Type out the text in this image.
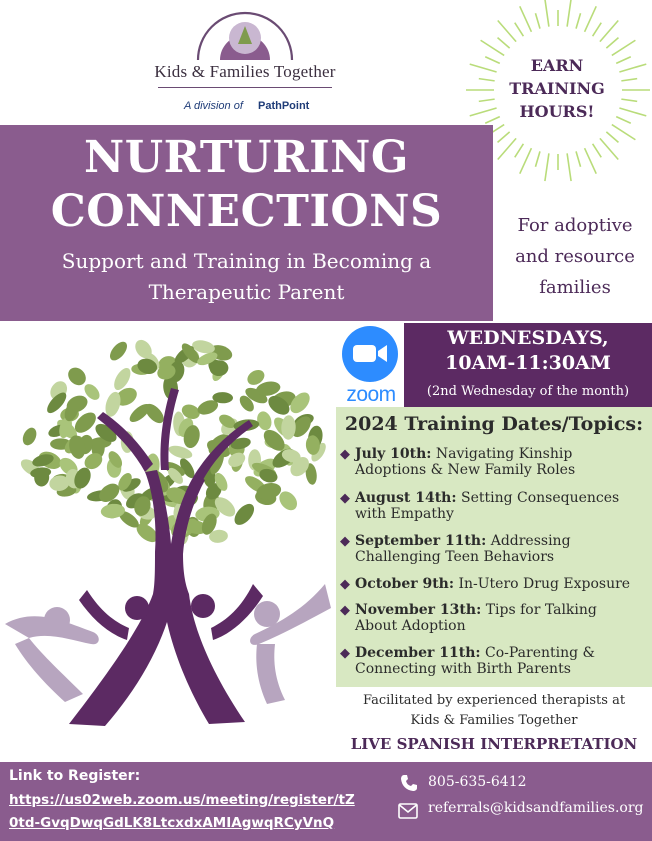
ADOPTION
Kids & Families Together
A division of PathPoint
EARN TRAINING HOURS!
NURTURING
CONNECTIONS
Support and Training in Becoming a
Therapeutic Parent
For adoptive and resource families
zoom
WEDNESDAYS,
10AM-11:30AM
(2nd Wednesday of the month)
2024 Training Dates/Topics:
◆ July 10th: Navigating Kinship
Adoptions & New Family Roles
◆ August 14th: Setting Consequences
with Empathy
◆ September 11th: Addressing
Challenging Teen Behaviors
◆ October 9th: In-Utero Drug Exposure
◆ November 13th: Tips for Talking
About Adoption
◆ December 11th: Co-Parenting &
Connecting with Birth Parents
Facilitated by experienced therapists at
Kids & Families Together
LIVE SPANISH INTERPRETATION
Link to Register:
https://us02web.zoom.us/meeting/register/tZ
0td-GvqDwqGdLK8LtcxdxAMIAgwqRCyVnQ
805-635-6412
referrals@kidsandfamilies.org
